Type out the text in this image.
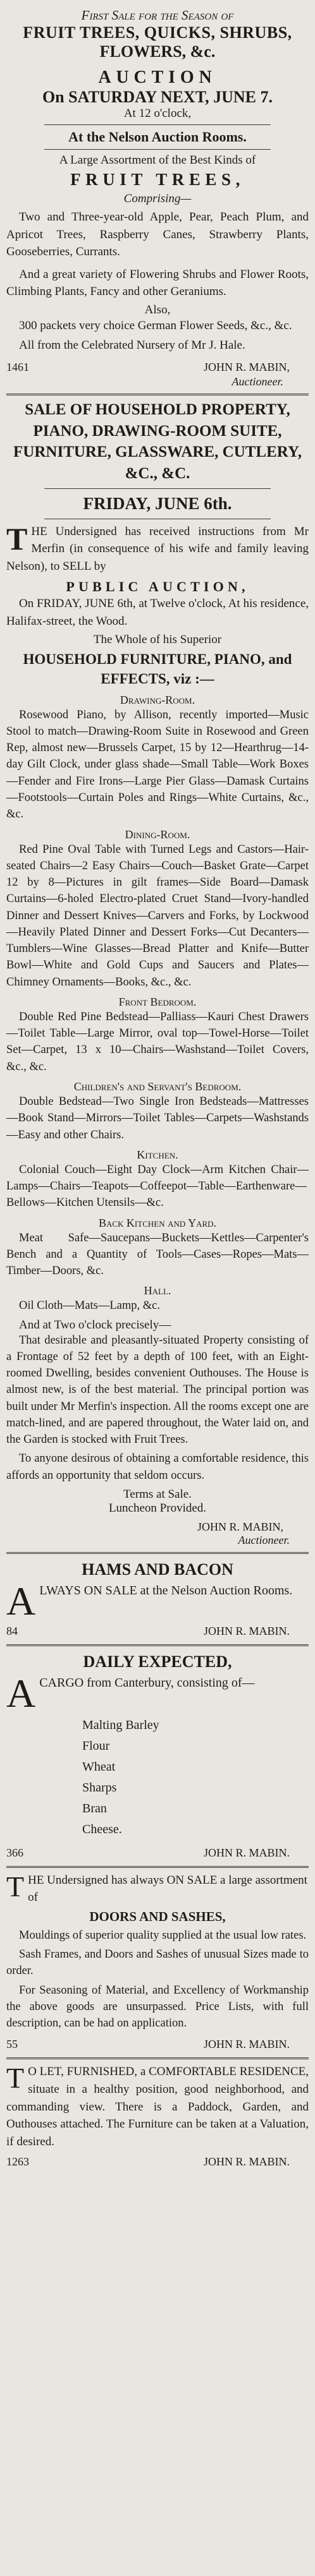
First Sale for the Season of

FRUIT TREES, QUICKS, SHRUBS,

FLOWERS, &c.

AUCTION

On SATURDAY NEXT, JUNE 7.

At 12 o'clock,

At the Nelson Auction Rooms.

A Large Assortment of the Best Kinds of

FRUIT TREES,

Comprising—

Two and Three-year-old Apple, Pear, Peach Plum, and Apricot Trees, Raspberry Canes, Strawberry Plants, Gooseberries, Currants.

And a great variety of Flowering Shrubs and Flower Roots, Climbing Plants, Fancy and other Geraniums.

Also,

300 packets very choice German Flower Seeds, &c., &c.

All from the Celebrated Nursery of Mr J. Hale.

1461	JOHN R. MABIN,

Auctioneer.

SALE OF HOUSEHOLD PROPERTY, PIANO, DRAWING-ROOM SUITE, FURNITURE, GLASSWARE, CUTLERY, &C., &C.

FRIDAY, JUNE 6th.

THE Undersigned has received instructions from Mr Merfin (in consequence of his wife and family leaving Nelson), to SELL by

PUBLIC AUCTION,

On FRIDAY, JUNE 6th, at Twelve o'clock, At his residence, Halifax-street, the Wood.

The Whole of his Superior

HOUSEHOLD FURNITURE, PIANO, and EFFECTS, viz :—

Drawing-Room.

Rosewood Piano, by Allison, recently imported—Music Stool to match—Drawing-Room Suite in Rosewood and Green Rep, almost new—Brussels Carpet, 15 by 12—Hearthrug—14-day Gilt Clock, under glass shade—Small Table—Work Boxes—Fender and Fire Irons—Large Pier Glass—Damask Curtains—Footstools—Curtain Poles and Rings—White Curtains, &c., &c.

Dining-Room.

Red Pine Oval Table with Turned Legs and Castors—Hair-seated Chairs—2 Easy Chairs—Couch—Basket Grate—Carpet 12 by 8—Pictures in gilt frames—Side Board—Damask Curtains—6-holed Electro-plated Cruet Stand—Ivory-handled Dinner and Dessert Knives—Carvers and Forks, by Lockwood—Heavily Plated Dinner and Dessert Forks—Cut Decanters—Tumblers—Wine Glasses—Bread Platter and Knife—Butter Bowl—White and Gold Cups and Saucers and Plates—Chimney Ornaments—Books, &c., &c.

Front Bedroom.

Double Red Pine Bedstead—Palliass—Kauri Chest Drawers—Toilet Table—Large Mirror, oval top—Towel-Horse—Toilet Set—Carpet, 13 x 10—Chairs—Washstand—Toilet Covers, &c., &c.

Children's and Servant's Bedroom.

Double Bedstead—Two Single Iron Bedsteads—Mattresses—Book Stand—Mirrors—Toilet Tables—Carpets—Washstands—Easy and other Chairs.

Kitchen.

Colonial Couch—Eight Day Clock—Arm Kitchen Chair—Lamps—Chairs—Teapots—Coffeepot—Table—Earthenware—Bellows—Kitchen Utensils—&c.

Back Kitchen and Yard.

Meat Safe—Saucepans—Buckets—Kettles—Carpenter's Bench and a Quantity of Tools—Cases—Ropes—Mats—Timber—Doors, &c.

Hall.

Oil Cloth—Mats—Lamp, &c.

And at Two o'clock precisely—

That desirable and pleasantly-situated Property consisting of a Frontage of 52 feet by a depth of 100 feet, with an Eight-roomed Dwelling, besides convenient Outhouses. The House is almost new, is of the best material. The principal portion was built under Mr Merfin's inspection. All the rooms except one are match-lined, and are papered throughout, the Water laid on, and the Garden is stocked with Fruit Trees.

To anyone desirous of obtaining a comfortable residence, this affords an opportunity that seldom occurs.

Terms at Sale.

Luncheon Provided.

JOHN R. MABIN,

Auctioneer.

HAMS AND BACON

ALWAYS ON SALE at the Nelson Auction Rooms.

84	JOHN R. MABIN.

DAILY EXPECTED,

ACARGO from Canterbury, consisting of—

Malting Barley

Flour

Wheat

Sharps

Bran

Cheese.

366	JOHN R. MABIN.

THE Undersigned has always ON SALE a large assortment of

DOORS AND SASHES,

Mouldings of superior quality supplied at the usual low rates.

Sash Frames, and Doors and Sashes of unusual Sizes made to order.

For Seasoning of Material, and Excellency of Workmanship the above goods are unsurpassed. Price Lists, with full description, can be had on application.

55	JOHN R. MABIN.

T O LET, FURNISHED, a COMFORTABLE RESIDENCE, situate in a healthy position, good neighborhood, and commanding view. There is a Paddock, Garden, and Outhouses attached. The Furniture can be taken at a Valuation, if desired.

1263	JOHN R. MABIN.
